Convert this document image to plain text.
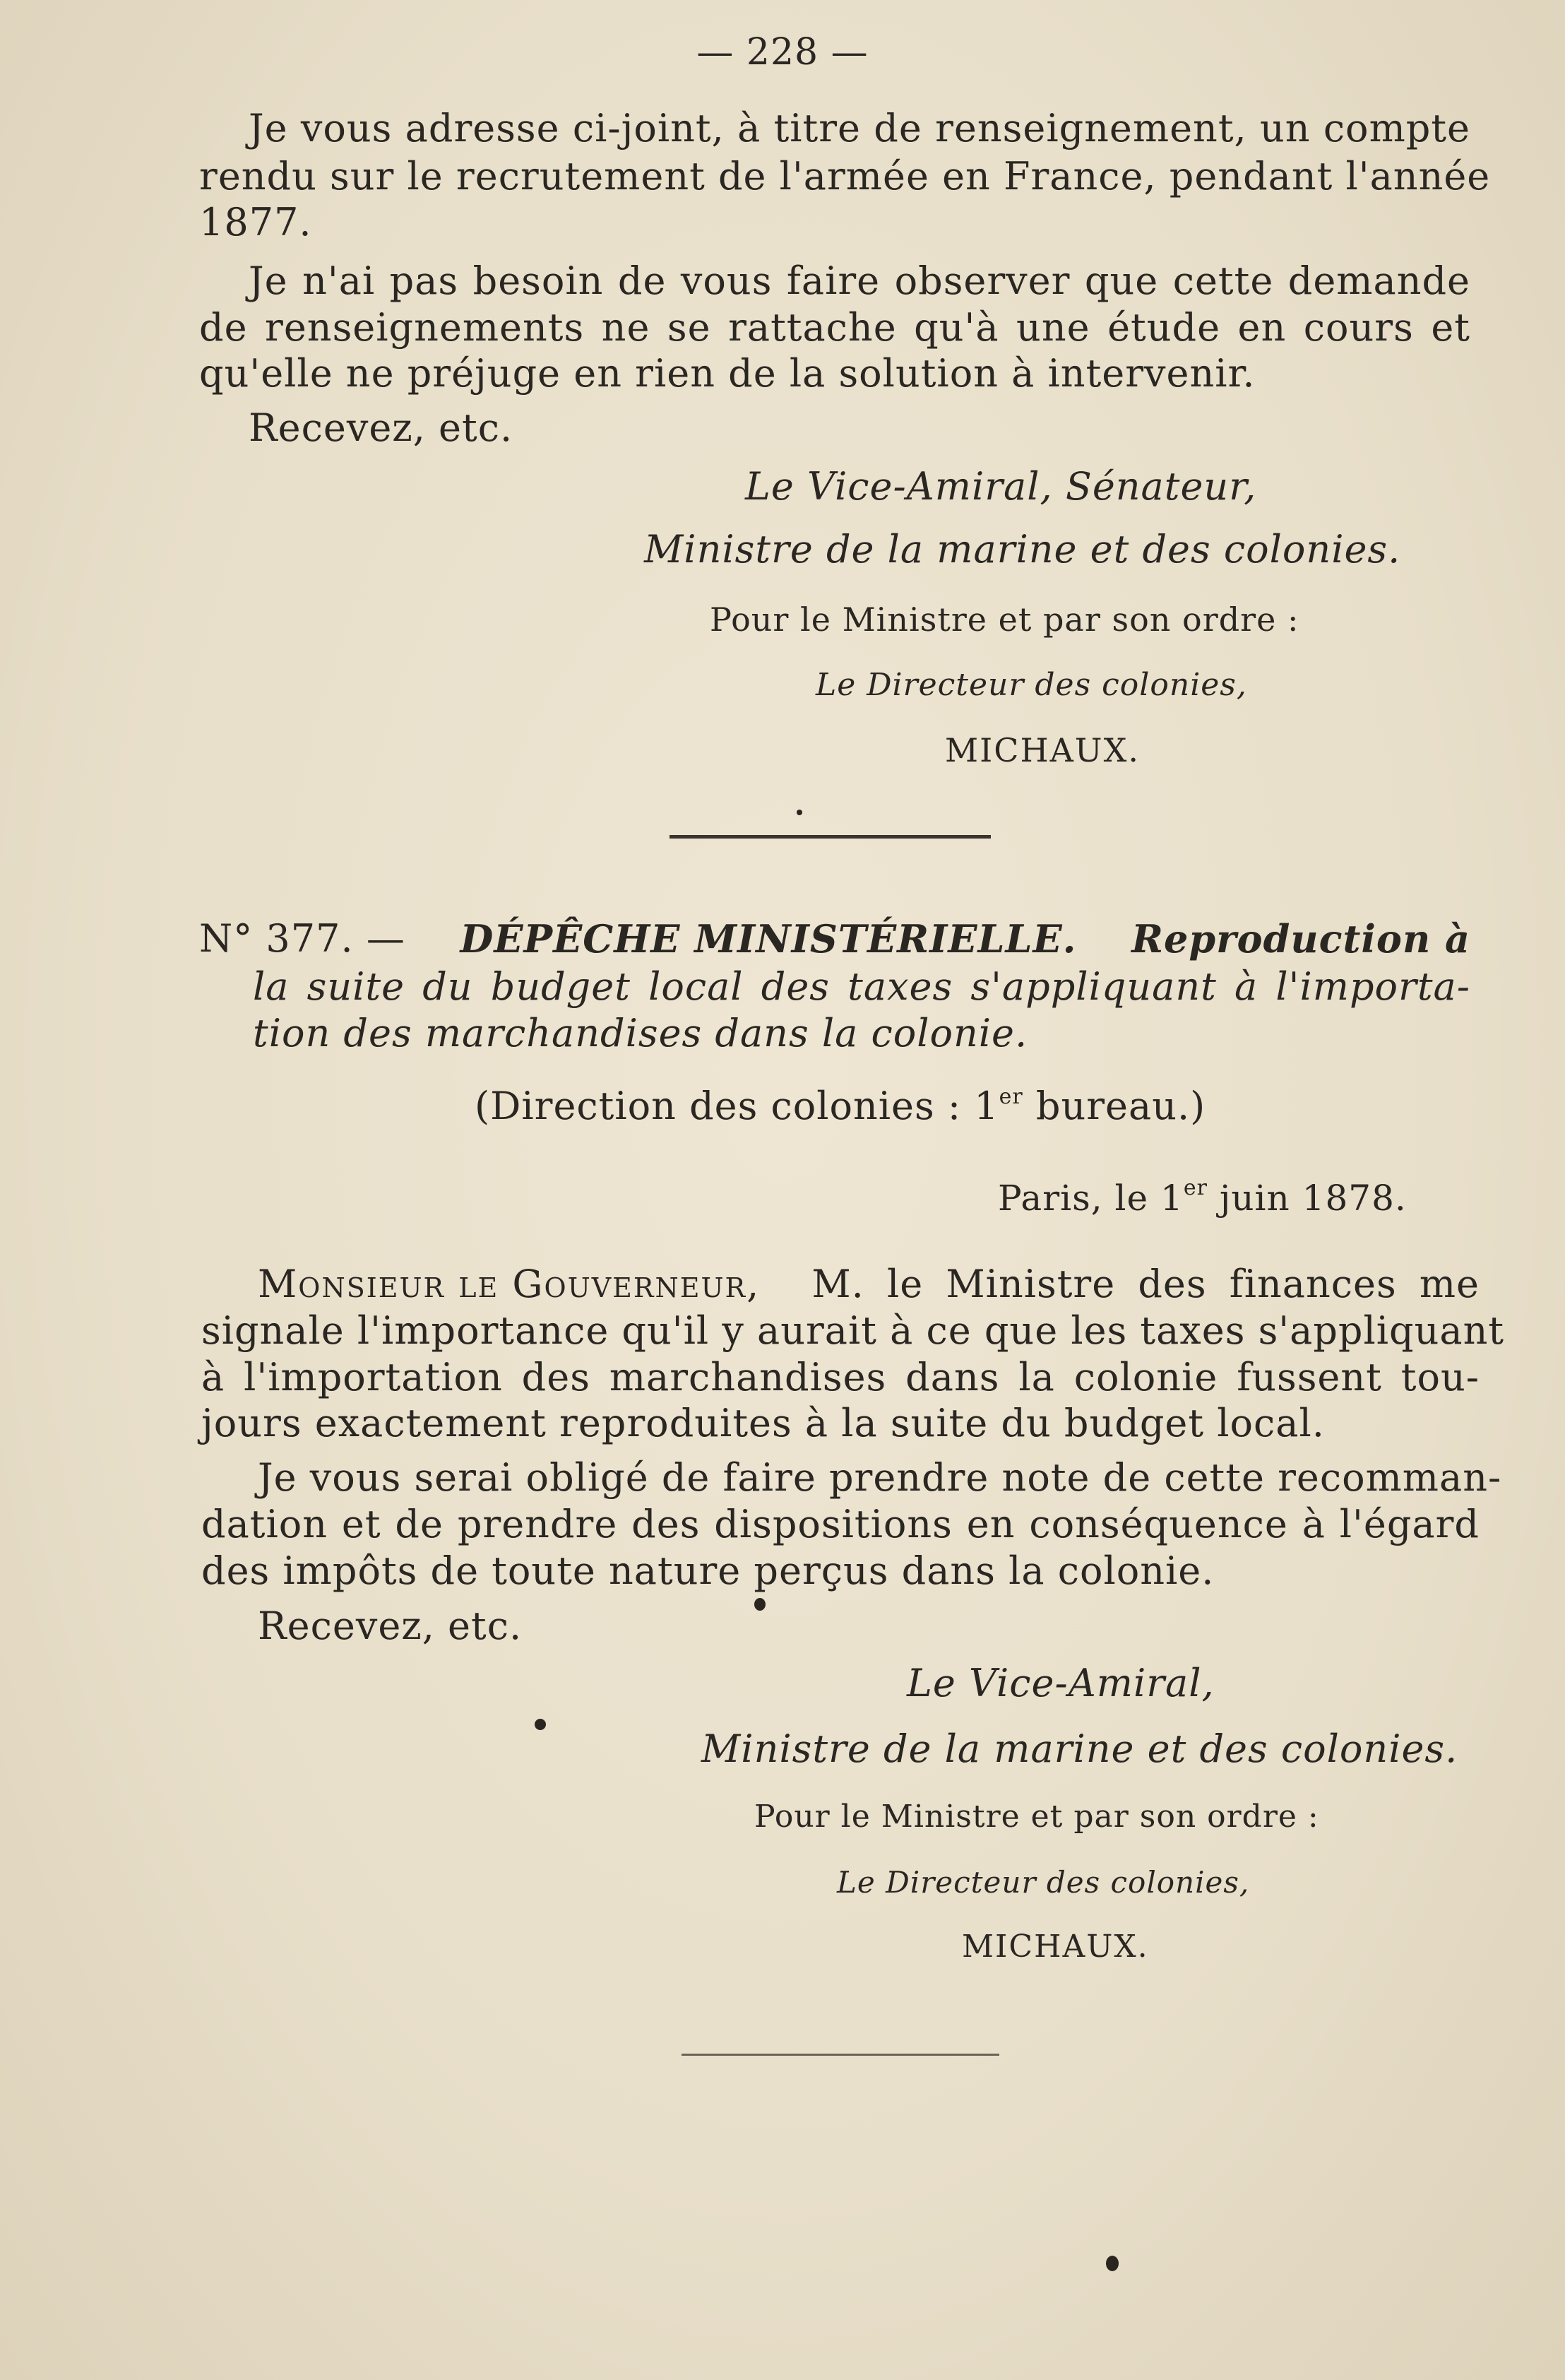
— 228 —
Je vous adresse ci-joint, à titre de renseignement, un compte
rendu sur le recrutement de l'armée en France, pendant l'année
1877.
Je n'ai pas besoin de vous faire observer que cette demande
de renseignements ne se rattache qu'à une étude en cours et
qu'elle ne préjuge en rien de la solution à intervenir.
Recevez, etc.
Le Vice-Amiral, Sénateur,
Ministre de la marine et des colonies.
Pour le Ministre et par son ordre :
Le Directeur des colonies,
MICHAUX.
N° 377. — DÉPÊCHE MINISTÉRIELLE. Reproduction à
la suite du budget local des taxes s'appliquant à l'importa-
tion des marchandises dans la colonie.
(Direction des colonies : 1er bureau.)
Paris, le 1er juin 1878.
Monsieur le Gouverneur, M. le Ministre des finances me
signale l'importance qu'il y aurait à ce que les taxes s'appliquant
à l'importation des marchandises dans la colonie fussent tou-
jours exactement reproduites à la suite du budget local.
Je vous serai obligé de faire prendre note de cette recomman-
dation et de prendre des dispositions en conséquence à l'égard
des impôts de toute nature perçus dans la colonie.
Recevez, etc.
Le Vice-Amiral,
Ministre de la marine et des colonies.
Pour le Ministre et par son ordre :
Le Directeur des colonies,
MICHAUX.
